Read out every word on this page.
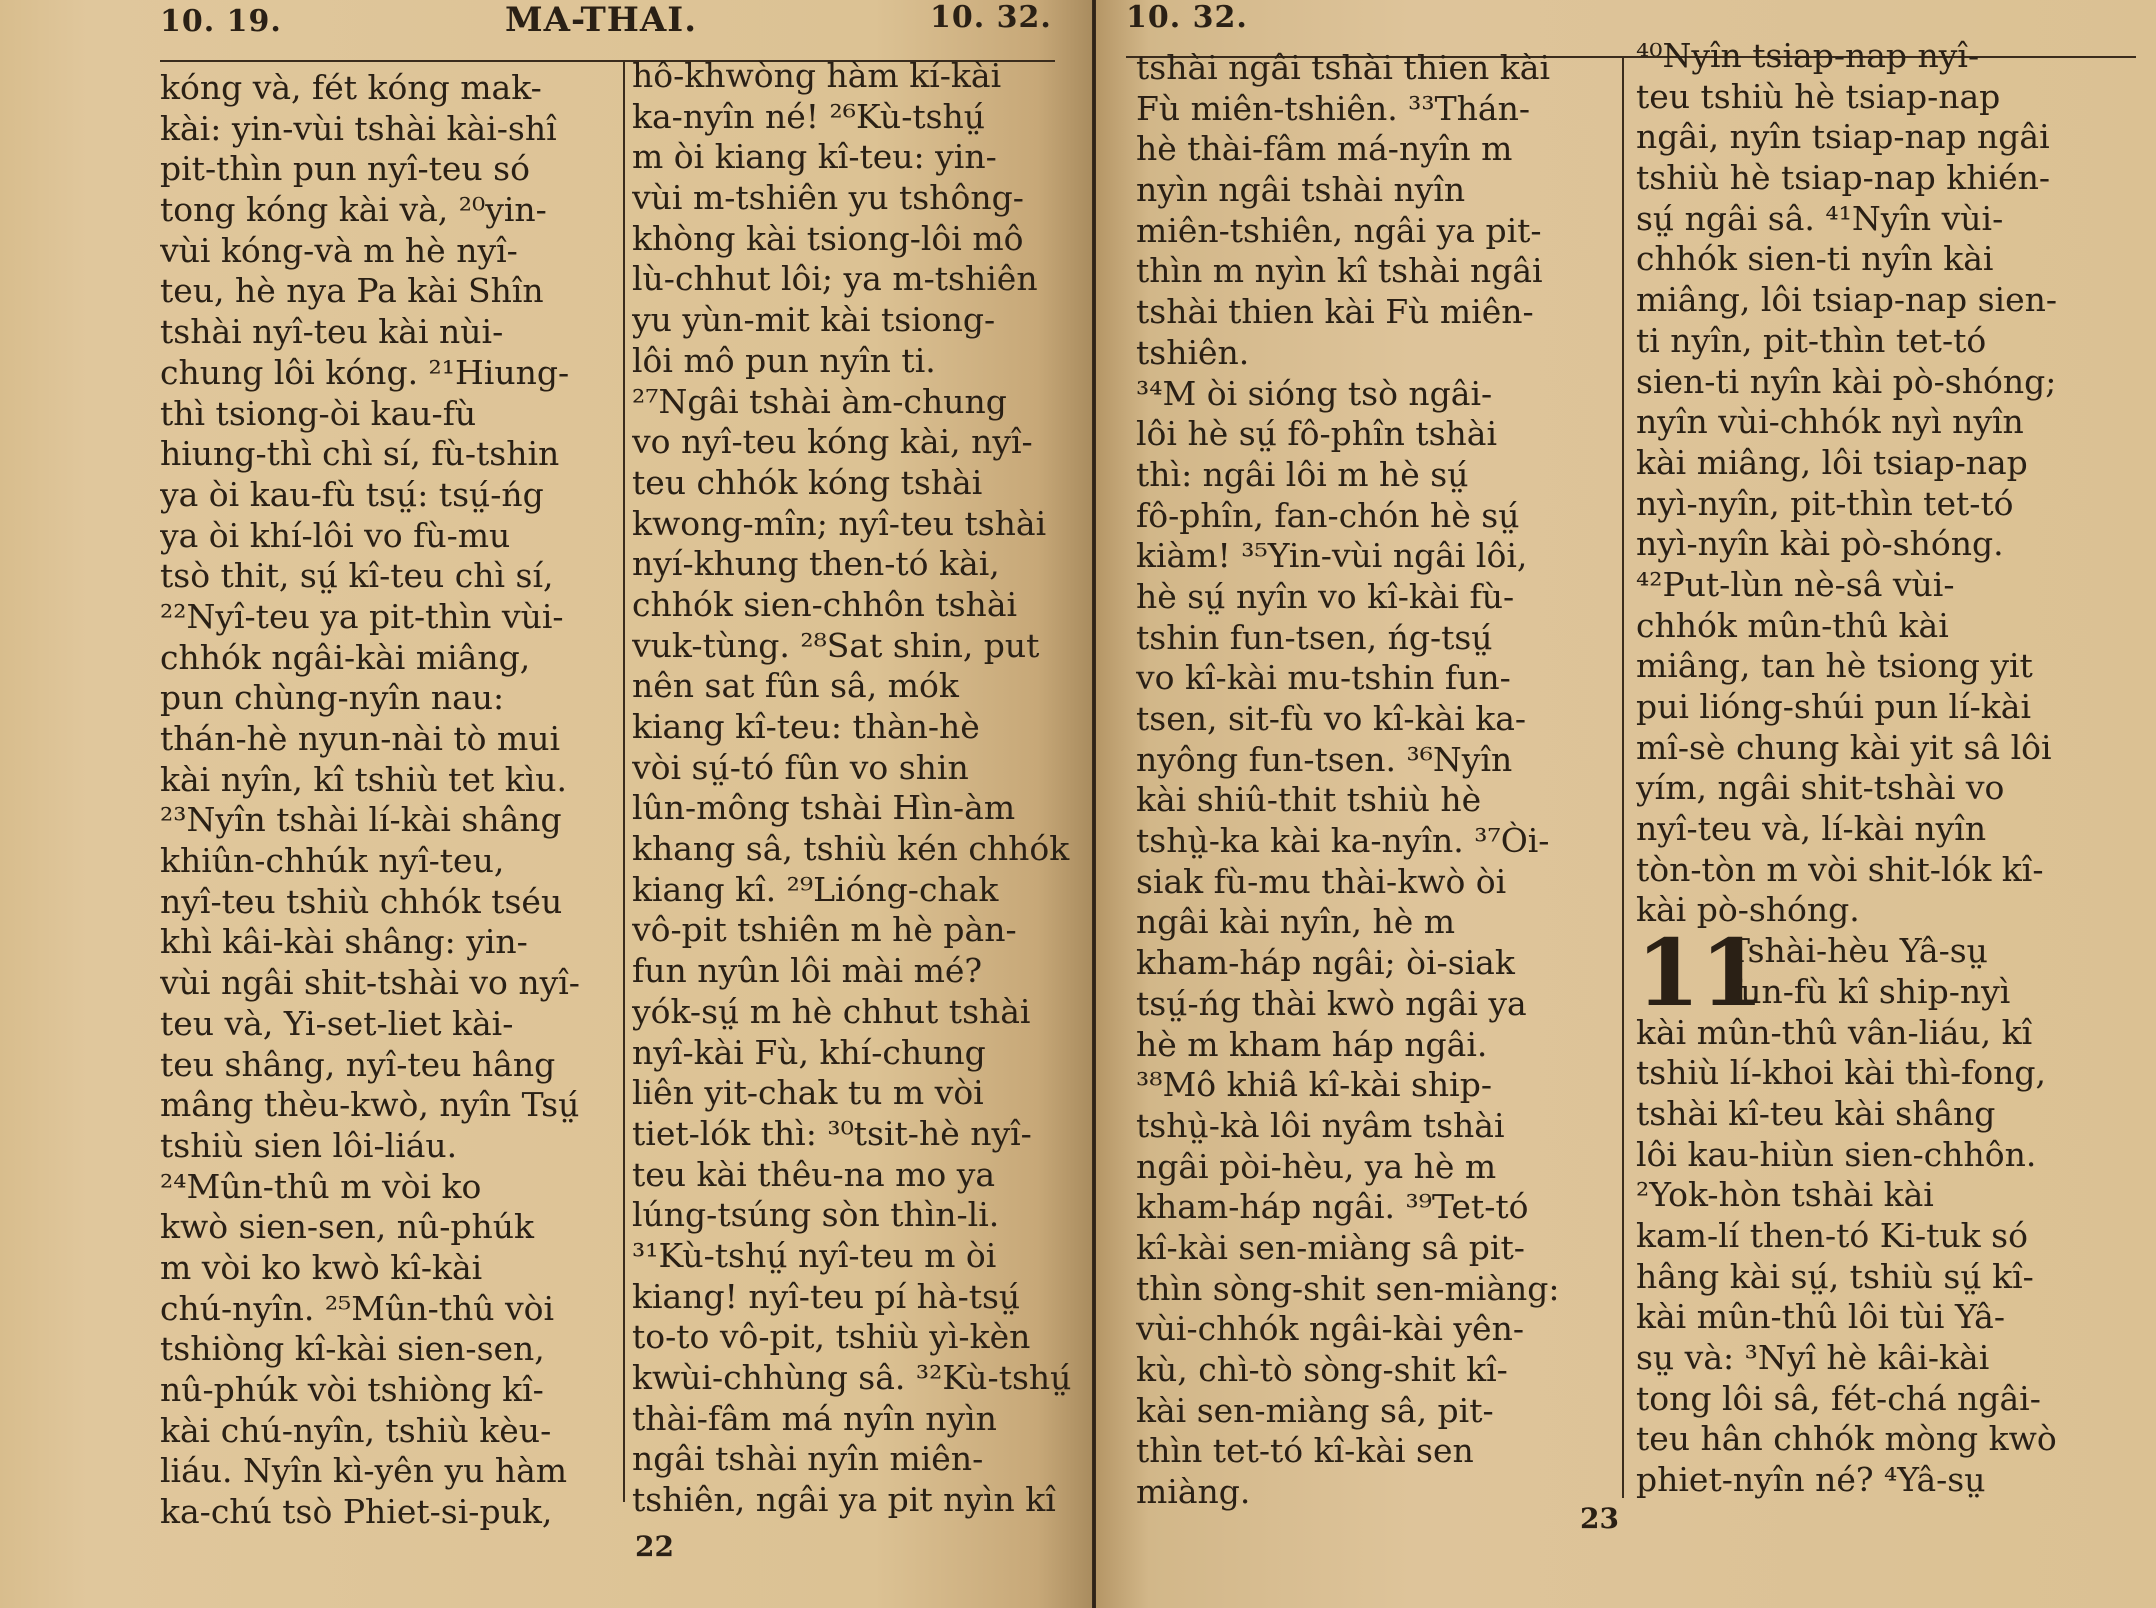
10. 19.	MA-THAI.	10. 32.
kóng và, fét kóng mak-
kài: yin-vùi tshài kài-shî
pit-thìn pun nyî-teu só
tong kóng kài và, ²⁰yin-
vùi kóng-và m hè nyî-
teu, hè nya Pa kài Shîn
tshài nyî-teu kài nùi-
chung lôi kóng. ²¹Hiung-
thì tsiong-òi kau-fù
hiung-thì chì sí, fù-tshin
ya òi kau-fù tsṳ́: tsṳ́-ńg
ya òi khí-lôi vo fù-mu
tsò thit, sṳ́ kî-teu chì sí,
²²Nyî-teu ya pit-thìn vùi-
chhók ngâi-kài miâng,
pun chùng-nyîn nau:
thán-hè nyun-nài tò mui
kài nyîn, kî tshiù tet kìu.
²³Nyîn tshài lí-kài shâng
khiûn-chhúk nyî-teu,
nyî-teu tshiù chhók tséu
khì kâi-kài shâng: yin-
vùi ngâi shit-tshài vo nyî-
teu và, Yi-set-liet kài-
teu shâng, nyî-teu hâng
mâng thèu-kwò, nyîn Tsṳ́
tshiù sien lôi-liáu.
²⁴Mûn-thû m vòi ko
kwò sien-sen, nû-phúk
m vòi ko kwò kî-kài
chú-nyîn. ²⁵Mûn-thû vòi
tshiòng kî-kài sien-sen,
nû-phúk vòi tshiòng kî-
kài chú-nyîn, tshiù kèu-
liáu. Nyîn kì-yên yu hàm
ka-chú tsò Phiet-si-puk,
hô-khwòng hàm kí-kài
ka-nyîn né! ²⁶Kù-tshṳ́
m òi kiang kî-teu: yin-
vùi m-tshiên yu tshông-
khòng kài tsiong-lôi mô
lù-chhut lôi; ya m-tshiên
yu yùn-mit kài tsiong-
lôi mô pun nyîn ti.
²⁷Ngâi tshài àm-chung
vo nyî-teu kóng kài, nyî-
teu chhók kóng tshài
kwong-mîn; nyî-teu tshài
nyí-khung then-tó kài,
chhók sien-chhôn tshài
vuk-tùng. ²⁸Sat shin, put
nên sat fûn sâ, mók
kiang kî-teu: thàn-hè
vòi sṳ́-tó fûn vo shin
lûn-mông tshài Hìn-àm
khang sâ, tshiù kén chhók
kiang kî. ²⁹Lióng-chak
vô-pit tshiên m hè pàn-
fun nyûn lôi mài mé?
yók-sṳ́ m hè chhut tshài
nyî-kài Fù, khí-chung
liên yit-chak tu m vòi
tiet-lók thì: ³⁰tsit-hè nyî-
teu kài thêu-na mo ya
lúng-tsúng sòn thìn-li.
³¹Kù-tshṳ́ nyî-teu m òi
kiang! nyî-teu pí hà-tsṳ́
to-to vô-pit, tshiù yì-kèn
kwùi-chhùng sâ. ³²Kù-tshṳ́
thài-fâm má nyîn nyìn
ngâi tshài nyîn miên-
tshiên, ngâi ya pit nyìn kî
22
10. 32.
tshài ngâi tshài thien kài
Fù miên-tshiên. ³³Thán-
hè thài-fâm má-nyîn m
nyìn ngâi tshài nyîn
miên-tshiên, ngâi ya pit-
thìn m nyìn kî tshài ngâi
tshài thien kài Fù miên-
tshiên.
³⁴M òi sióng tsò ngâi-
lôi hè sṳ́ fô-phîn tshài
thì: ngâi lôi m hè sṳ́
fô-phîn, fan-chón hè sṳ́
kiàm! ³⁵Yin-vùi ngâi lôi,
hè sṳ́ nyîn vo kî-kài fù-
tshin fun-tsen, ńg-tsṳ́
vo kî-kài mu-tshin fun-
tsen, sit-fù vo kî-kài ka-
nyông fun-tsen. ³⁶Nyîn
kài shiû-thit tshiù hè
tshṳ̀-ka kài ka-nyîn. ³⁷Òi-
siak fù-mu thài-kwò òi
ngâi kài nyîn, hè m
kham-háp ngâi; òi-siak
tsṳ́-ńg thài kwò ngâi ya
hè m kham háp ngâi.
³⁸Mô khiâ kî-kài ship-
tshṳ̀-kà lôi nyâm tshài
ngâi pòi-hèu, ya hè m
kham-háp ngâi. ³⁹Tet-tó
kî-kài sen-miàng sâ pit-
thìn sòng-shit sen-miàng:
vùi-chhók ngâi-kài yên-
kù, chì-tò sòng-shit kî-
kài sen-miàng sâ, pit-
thìn tet-tó kî-kài sen
miàng.
⁴⁰Nyîn tsiap-nap nyî-
teu tshiù hè tsiap-nap
ngâi, nyîn tsiap-nap ngâi
tshiù hè tsiap-nap khién-
sṳ́ ngâi sâ. ⁴¹Nyîn vùi-
chhók sien-ti nyîn kài
miâng, lôi tsiap-nap sien-
ti nyîn, pit-thìn tet-tó
sien-ti nyîn kài pò-shóng;
nyîn vùi-chhók nyì nyîn
kài miâng, lôi tsiap-nap
nyì-nyîn, pit-thìn tet-tó
nyì-nyîn kài pò-shóng.
⁴²Put-lùn nè-sâ vùi-
chhók mûn-thû kài
miâng, tan hè tsiong yit
pui lióng-shúi pun lí-kài
mî-sè chung kài yit sâ lôi
yím, ngâi shit-tshài vo
nyî-teu và, lí-kài nyîn
tòn-tòn m vòi shit-lók kî-
kài pò-shóng.
11
Tshài-hèu Yâ-sṳ
fun-fù kî ship-nyì
kài mûn-thû vân-liáu, kî
tshiù lí-khoi kài thì-fong,
tshài kî-teu kài shâng
lôi kau-hiùn sien-chhôn.
²Yok-hòn tshài kài
kam-lí then-tó Ki-tuk só
hâng kài sṳ́, tshiù sṳ́ kî-
kài mûn-thû lôi tùi Yâ-
sṳ và: ³Nyî hè kâi-kài
tong lôi sâ, fét-chá ngâi-
teu hân chhók mòng kwò
phiet-nyîn né? ⁴Yâ-sṳ
23
